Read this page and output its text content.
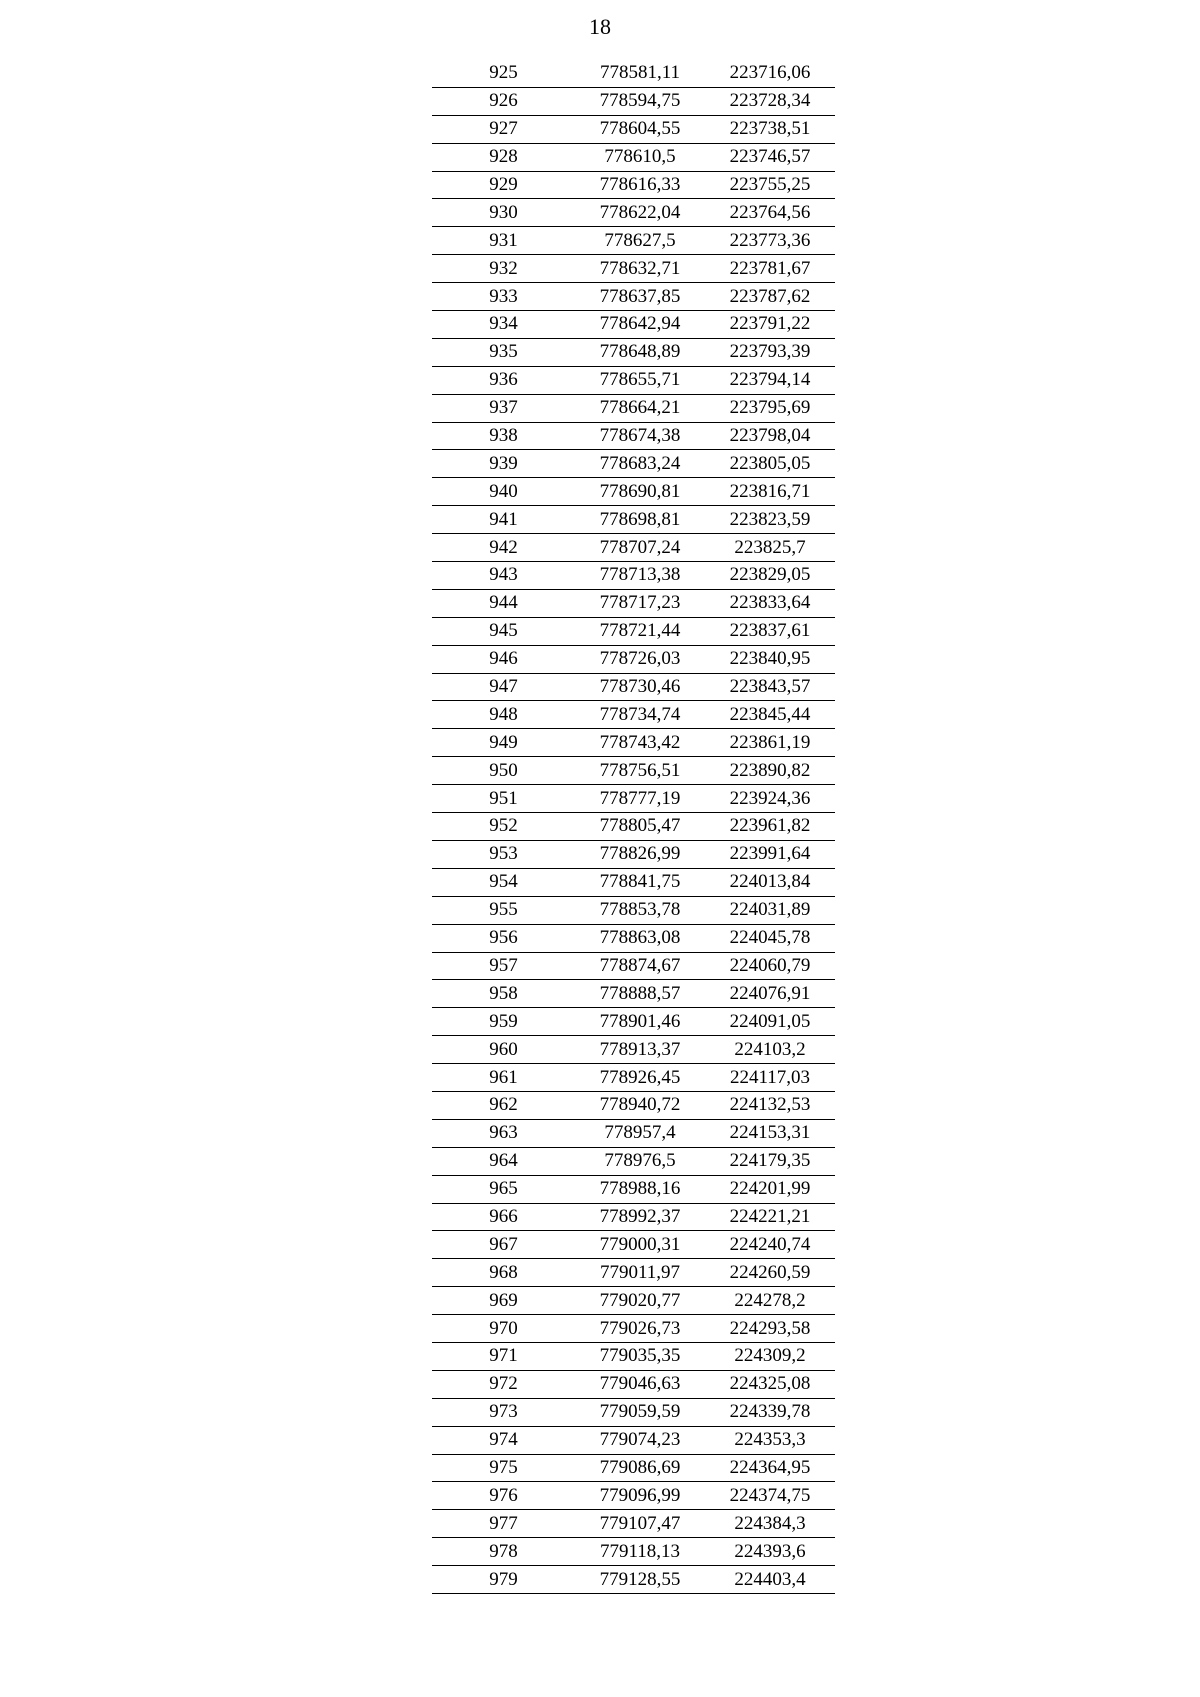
18
925	778581,11	223716,06
926	778594,75	223728,34
927	778604,55	223738,51
928	778610,5	223746,57
929	778616,33	223755,25
930	778622,04	223764,56
931	778627,5	223773,36
932	778632,71	223781,67
933	778637,85	223787,62
934	778642,94	223791,22
935	778648,89	223793,39
936	778655,71	223794,14
937	778664,21	223795,69
938	778674,38	223798,04
939	778683,24	223805,05
940	778690,81	223816,71
941	778698,81	223823,59
942	778707,24	223825,7
943	778713,38	223829,05
944	778717,23	223833,64
945	778721,44	223837,61
946	778726,03	223840,95
947	778730,46	223843,57
948	778734,74	223845,44
949	778743,42	223861,19
950	778756,51	223890,82
951	778777,19	223924,36
952	778805,47	223961,82
953	778826,99	223991,64
954	778841,75	224013,84
955	778853,78	224031,89
956	778863,08	224045,78
957	778874,67	224060,79
958	778888,57	224076,91
959	778901,46	224091,05
960	778913,37	224103,2
961	778926,45	224117,03
962	778940,72	224132,53
963	778957,4	224153,31
964	778976,5	224179,35
965	778988,16	224201,99
966	778992,37	224221,21
967	779000,31	224240,74
968	779011,97	224260,59
969	779020,77	224278,2
970	779026,73	224293,58
971	779035,35	224309,2
972	779046,63	224325,08
973	779059,59	224339,78
974	779074,23	224353,3
975	779086,69	224364,95
976	779096,99	224374,75
977	779107,47	224384,3
978	779118,13	224393,6
979	779128,55	224403,4
